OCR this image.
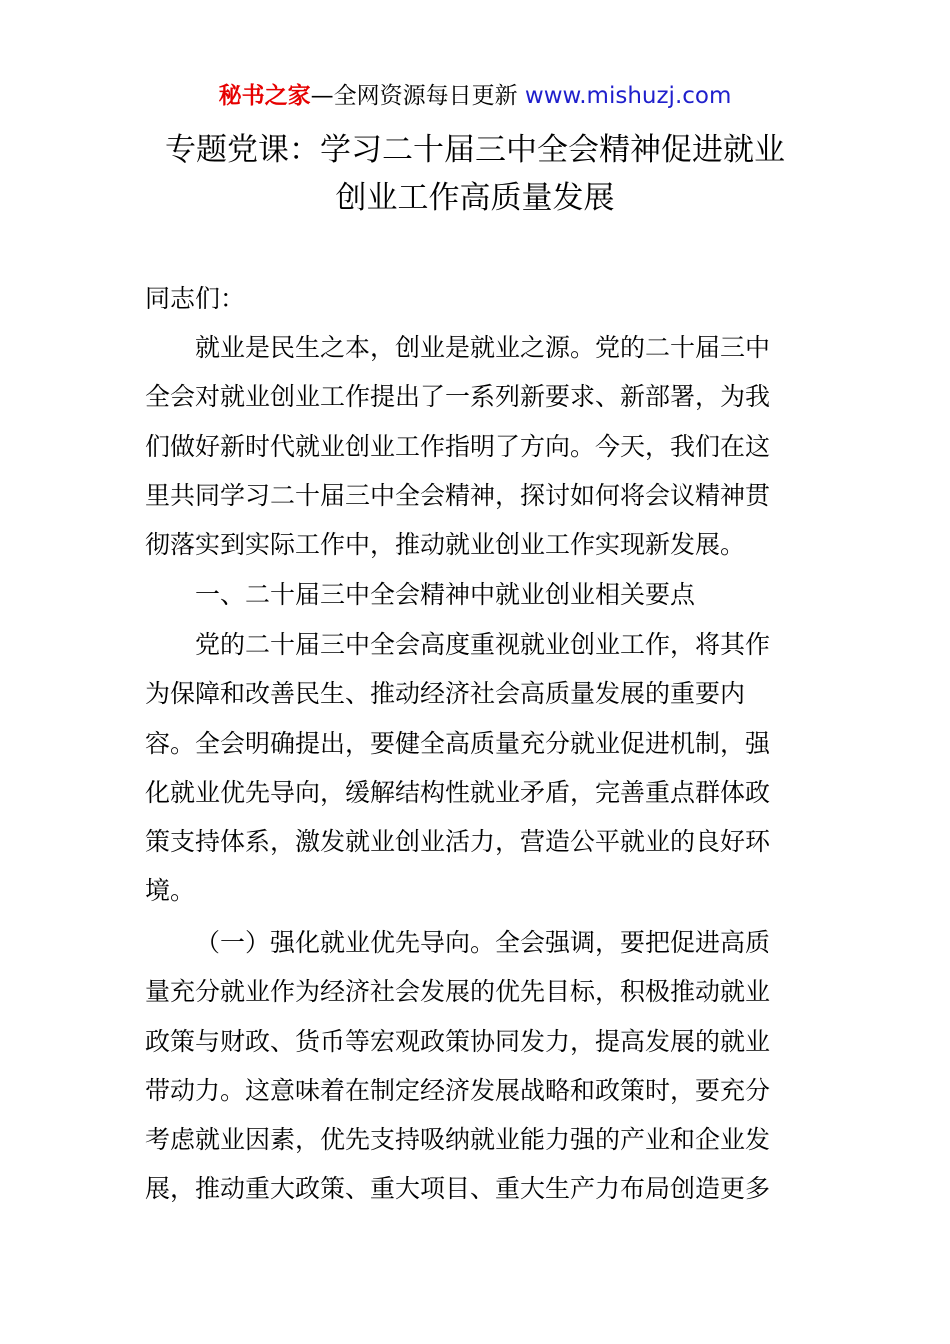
秘书之家—全网资源每日更新 www.mishuzj.com
专题党课：学习二十届三中全会精神促进就业
创业工作高质量发展

同志们：

就业是民生之本，创业是就业之源。党的二十届三中
全会对就业创业工作提出了一系列新要求、新部署，为我
们做好新时代就业创业工作指明了方向。今天，我们在这
里共同学习二十届三中全会精神，探讨如何将会议精神贯
彻落实到实际工作中，推动就业创业工作实现新发展。

一、二十届三中全会精神中就业创业相关要点

党的二十届三中全会高度重视就业创业工作，将其作
为保障和改善民生、推动经济社会高质量发展的重要内
容。全会明确提出，要健全高质量充分就业促进机制，强
化就业优先导向，缓解结构性就业矛盾，完善重点群体政
策支持体系，激发就业创业活力，营造公平就业的良好环
境。

（一）强化就业优先导向。全会强调，要把促进高质
量充分就业作为经济社会发展的优先目标，积极推动就业
政策与财政、货币等宏观政策协同发力，提高发展的就业
带动力。这意味着在制定经济发展战略和政策时，要充分
考虑就业因素，优先支持吸纳就业能力强的产业和企业发
展，推动重大政策、重大项目、重大生产力布局创造更多
